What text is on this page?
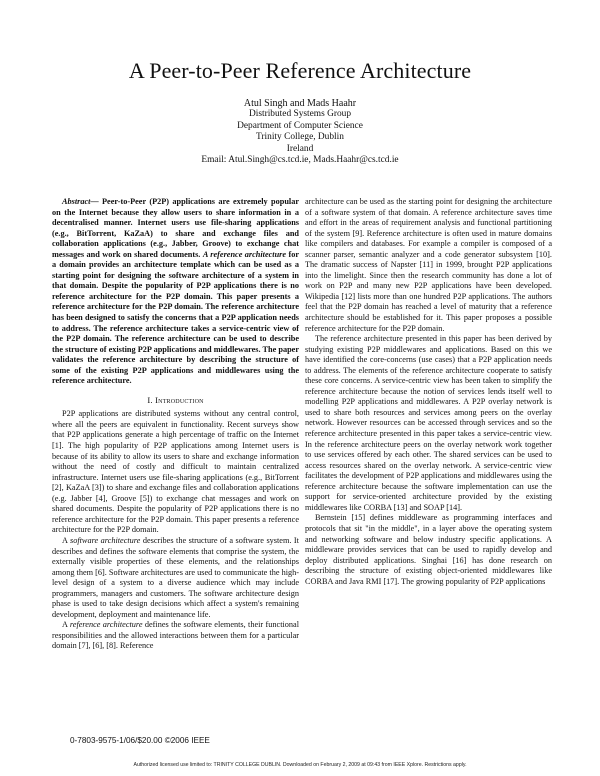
A Peer-to-Peer Reference Architecture
Atul Singh and Mads Haahr
Distributed Systems Group
Department of Computer Science
Trinity College, Dublin
Ireland
Email: Atul.Singh@cs.tcd.ie, Mads.Haahr@cs.tcd.ie

Abstract— Peer-to-Peer (P2P) applications are extremely popular on the Internet because they allow users to share information in a decentralised manner. Internet users use file-sharing applications (e.g., BitTorrent, KaZaA) to share and exchange files and collaboration applications (e.g., Jabber, Groove) to exchange chat messages and work on shared documents. A reference architecture for a domain provides an architecture template which can be used as a starting point for designing the software architecture of a system in that domain. Despite the popularity of P2P applications there is no reference architecture for the P2P domain. This paper presents a reference architecture for the P2P domain. The reference architecture has been designed to satisfy the concerns that a P2P application needs to address. The reference architecture takes a service-centric view of the P2P domain. The reference architecture can be used to describe the structure of existing P2P applications and middlewares. The paper validates the reference architecture by describing the structure of some of the existing P2P applications and middlewares using the reference architecture.

I. Introduction

P2P applications are distributed systems without any central control, where all the peers are equivalent in functionality. Recent surveys show that P2P applications generate a high percentage of traffic on the Internet [1]. The high popularity of P2P applications among Internet users is because of its ability to allow its users to share and exchange information without the need of costly and difficult to maintain centralized infrastructure. Internet users use file-sharing applications (e.g., BitTorrent [2], KaZaA [3]) to share and exchange files and collaboration applications (e.g. Jabber [4], Groove [5]) to exchange chat messages and work on shared documents. Despite the popularity of P2P applications there is no reference architecture for the P2P domain. This paper presents a reference architecture for the P2P domain.

A software architecture describes the structure of a software system. It describes and defines the software elements that comprise the system, the externally visible properties of these elements, and the relationships among them [6]. Software architectures are used to communicate the high-level design of a system to a diverse audience which may include programmers, managers and customers. The software architecture design phase is used to take design decisions which affect a system's remaining development, deployment and maintenance life.

A reference architecture defines the software elements, their functional responsibilities and the allowed interactions between them for a particular domain [7], [6], [8]. Reference

architecture can be used as the starting point for designing the architecture of a software system of that domain. A reference architecture saves time and effort in the areas of requirement analysis and functional partitioning of the system [9]. Reference architecture is often used in mature domains like compilers and databases. For example a compiler is composed of a scanner parser, semantic analyzer and a code generator subsystem [10]. The dramatic success of Napster [11] in 1999, brought P2P applications into the limelight. Since then the research community has done a lot of work on P2P and many new P2P applications have been developed. Wikipedia [12] lists more than one hundred P2P applications. The authors feel that the P2P domain has reached a level of maturity that a reference architecture should be established for it. This paper proposes a possible reference architecture for the P2P domain.

The reference architecture presented in this paper has been derived by studying existing P2P middlewares and applications. Based on this we have identified the core-concerns (use cases) that a P2P application needs to address. The elements of the reference architecture cooperate to satisfy these core concerns. A service-centric view has been taken to simplify the reference architecture because the notion of services lends itself well to modelling P2P applications and middlewares. A P2P overlay network is used to share both resources and services among peers on the overlay network. However resources can be accessed through services and so the reference architecture presented in this paper takes a service-centric view. In the reference architecture peers on the overlay network work together to use services offered by each other. The shared services can be used to access resources shared on the overlay network. A service-centric view facilitates the development of P2P applications and middlewares using the reference architecture because the software implementation can use the support for service-oriented architecture provided by the existing middlewares like CORBA [13] and SOAP [14].

Bernstein [15] defines middleware as programming interfaces and protocols that sit "in the middle", in a layer above the operating system and networking software and below industry specific applications. A middleware provides services that can be used to rapidly develop and deploy distributed applications. Singhai [16] has done research on describing the structure of existing object-oriented middlewares like CORBA and Java RMI [17]. The growing popularity of P2P applications

0-7803-9575-1/06/$20.00 ©2006 IEEE
Authorized licensed use limited to: TRINITY COLLEGE DUBLIN. Downloaded on February 2, 2009 at 09:43 from IEEE Xplore. Restrictions apply.
